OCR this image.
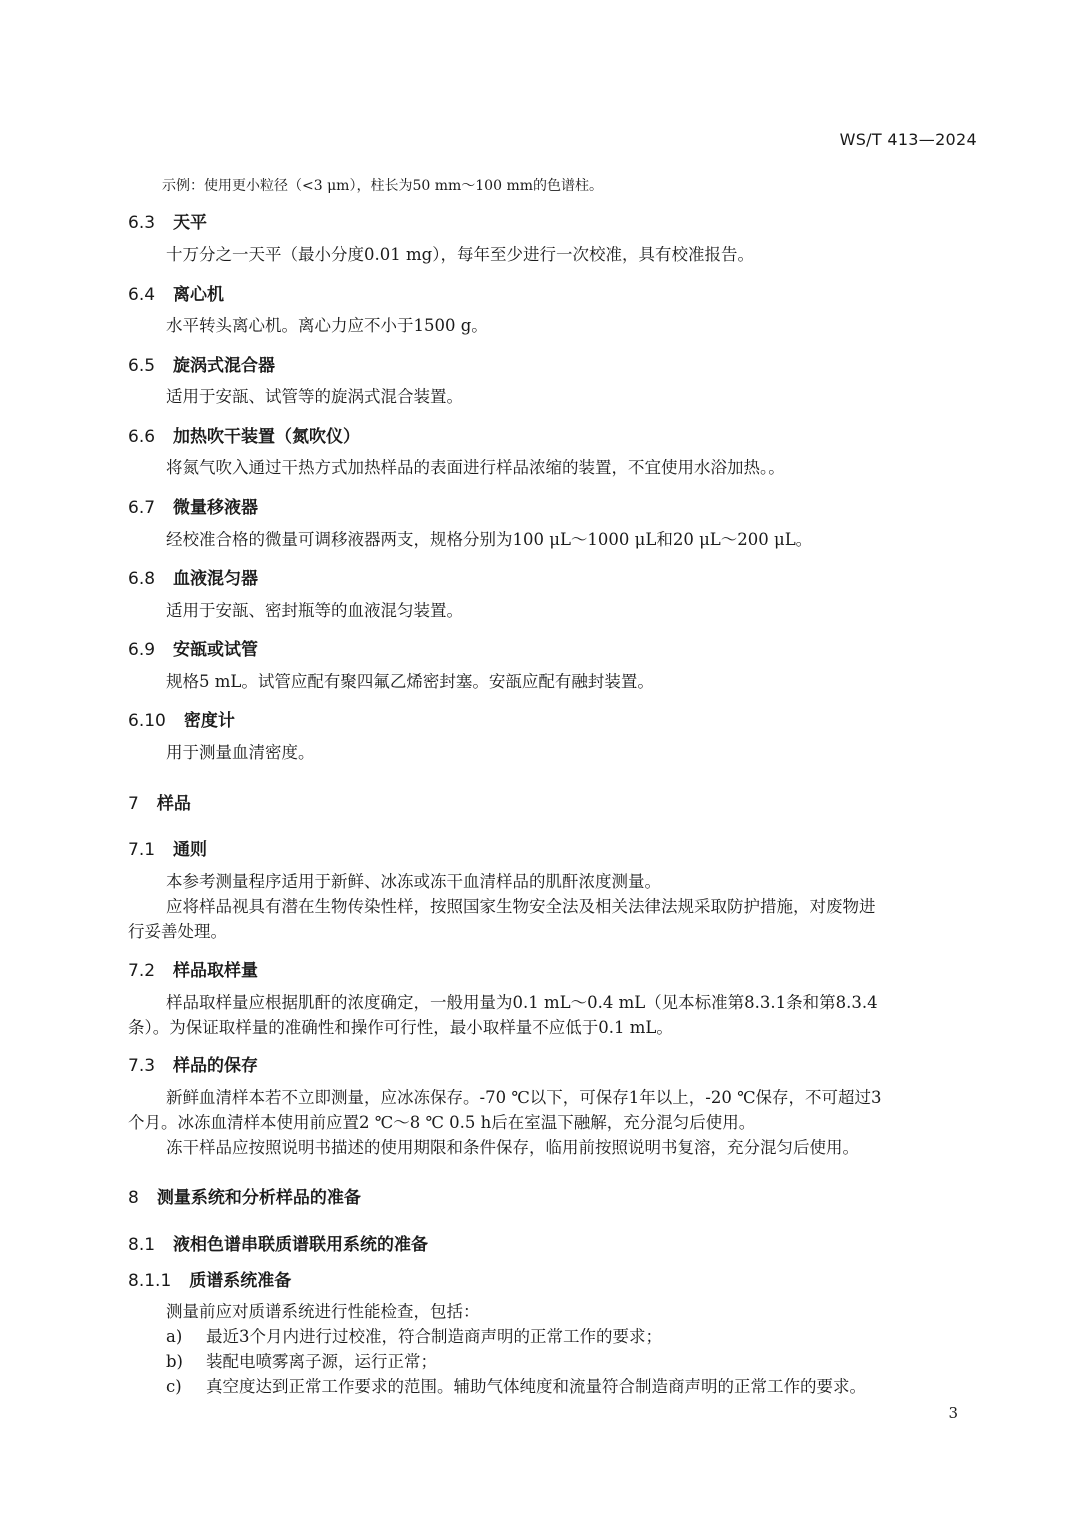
WS/T 413—2024
示例：使用更小粒径（<3 μm），柱长为50 mm～100 mm的色谱柱。
6.3 天平
十万分之一天平（最小分度0.01 mg），每年至少进行一次校准，具有校准报告。
6.4 离心机
水平转头离心机。离心力应不小于1500 g。
6.5 旋涡式混合器
适用于安瓿、试管等的旋涡式混合装置。
6.6 加热吹干装置（氮吹仪）
将氮气吹入通过干热方式加热样品的表面进行样品浓缩的装置，不宜使用水浴加热。。
6.7 微量移液器
经校准合格的微量可调移液器两支，规格分别为100 μL～1000 μL和20 μL～200 μL。
6.8 血液混匀器
适用于安瓿、密封瓶等的血液混匀装置。
6.9 安瓿或试管
规格5 mL。试管应配有聚四氟乙烯密封塞。安瓿应配有融封装置。
6.10 密度计
用于测量血清密度。
7 样品
7.1 通则
本参考测量程序适用于新鲜、冰冻或冻干血清样品的肌酐浓度测量。
应将样品视具有潜在生物传染性样，按照国家生物安全法及相关法律法规采取防护措施，对废物进
行妥善处理。
7.2 样品取样量
样品取样量应根据肌酐的浓度确定，一般用量为0.1 mL～0.4 mL（见本标准第8.3.1条和第8.3.4
条）。为保证取样量的准确性和操作可行性，最小取样量不应低于0.1 mL。
7.3 样品的保存
新鲜血清样本若不立即测量，应冰冻保存。-70 ℃以下，可保存1年以上，-20 ℃保存，不可超过3
个月。冰冻血清样本使用前应置2 ℃～8 ℃ 0.5 h后在室温下融解，充分混匀后使用。
冻干样品应按照说明书描述的使用期限和条件保存，临用前按照说明书复溶，充分混匀后使用。
8 测量系统和分析样品的准备
8.1 液相色谱串联质谱联用系统的准备
8.1.1 质谱系统准备
测量前应对质谱系统进行性能检查，包括：
a) 最近3个月内进行过校准，符合制造商声明的正常工作的要求；
b) 装配电喷雾离子源，运行正常；
c) 真空度达到正常工作要求的范围。辅助气体纯度和流量符合制造商声明的正常工作的要求。
3
